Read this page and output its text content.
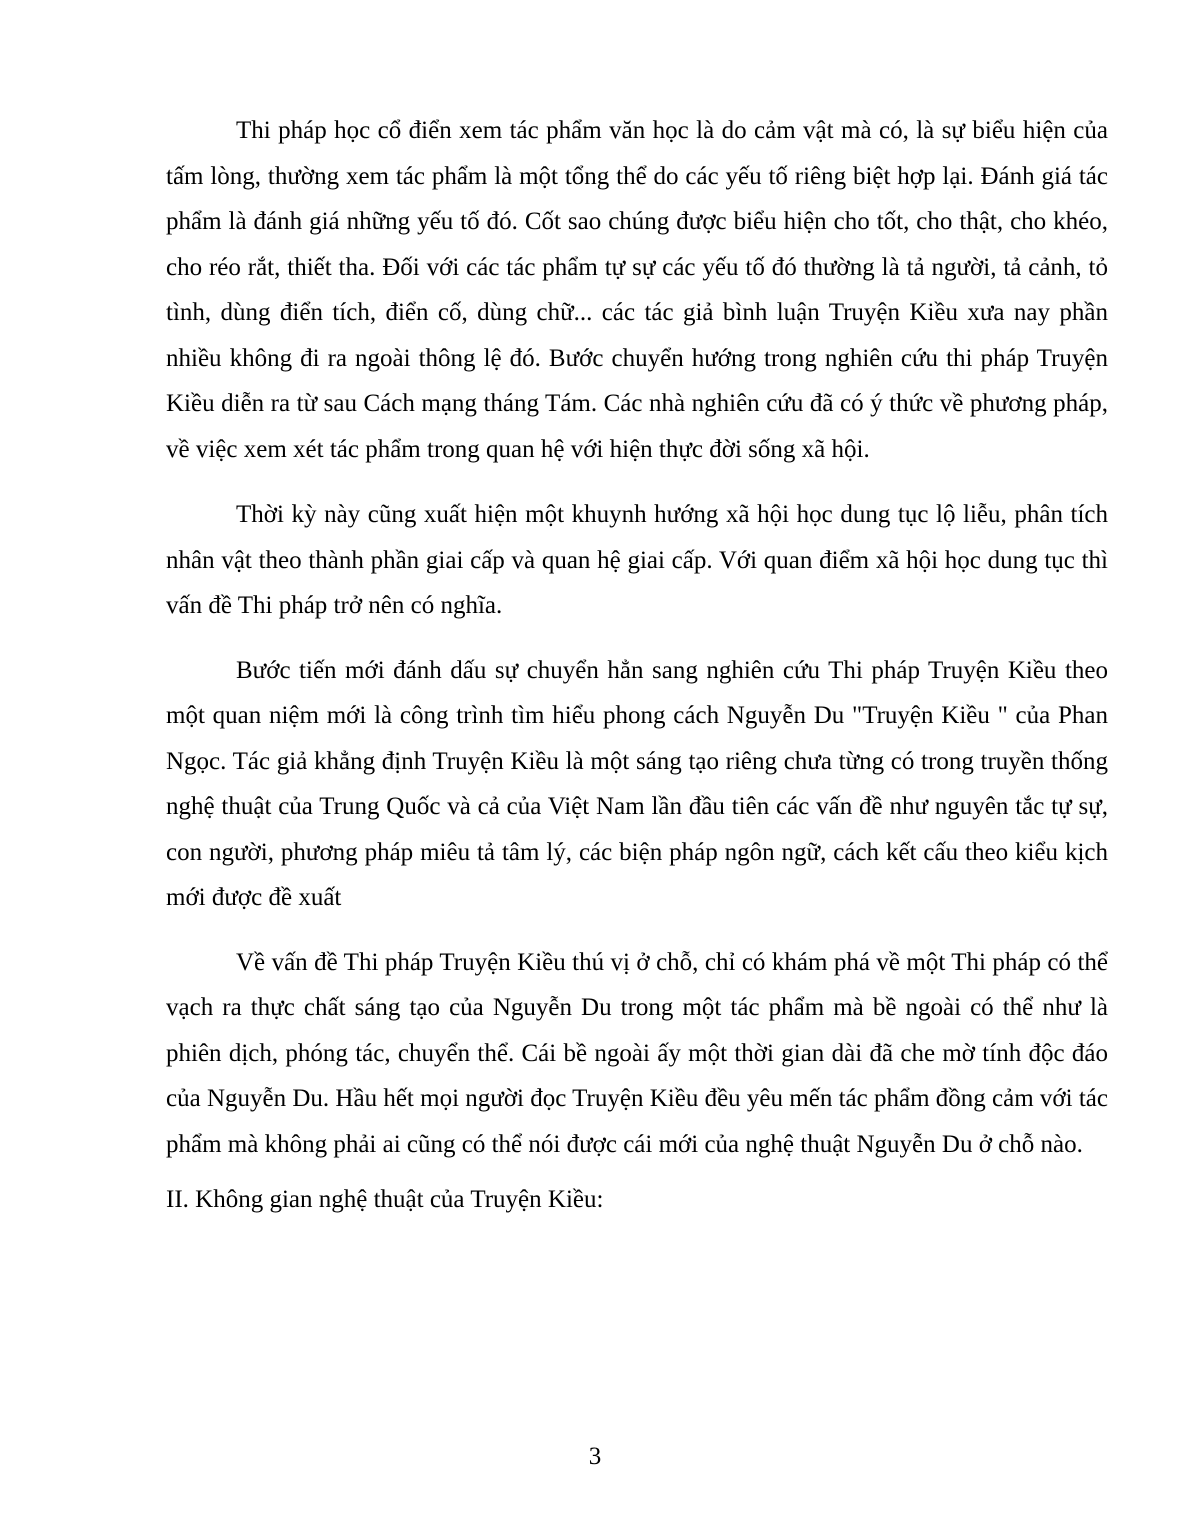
Thi pháp học cổ điển xem tác phẩm văn học là do cảm vật mà có, là sự biểu hiện của tấm lòng, thường xem tác phẩm là một tổng thể do các yếu tố riêng biệt hợp lại. Đánh giá tác phẩm là đánh giá những yếu tố đó. Cốt sao chúng được biểu hiện cho tốt, cho thật, cho khéo, cho réo rắt, thiết tha. Đối với các tác phẩm tự sự các yếu tố đó thường là tả người, tả cảnh, tỏ tình, dùng điển tích, điển cố, dùng chữ... các tác giả bình luận Truyện Kiều xưa nay phần nhiều không đi ra ngoài thông lệ đó. Bước chuyển hướng trong nghiên cứu thi pháp Truyện Kiều diễn ra từ sau Cách mạng tháng Tám. Các nhà nghiên cứu đã có ý thức về phương pháp, về việc xem xét tác phẩm trong quan hệ với hiện thực đời sống xã hội.

Thời kỳ này cũng xuất hiện một khuynh hướng xã hội học dung tục lộ liễu, phân tích nhân vật theo thành phần giai cấp và quan hệ giai cấp. Với quan điểm xã hội học dung tục thì vấn đề Thi pháp trở nên có nghĩa.

Bước tiến mới đánh dấu sự chuyển hẳn sang nghiên cứu Thi pháp Truyện Kiều theo một quan niệm mới là công trình tìm hiểu phong cách Nguyễn Du "Truyện Kiều " của Phan Ngọc. Tác giả khẳng định Truyện Kiều là một sáng tạo riêng chưa từng có trong truyền thống nghệ thuật của Trung Quốc và cả của Việt Nam lần đầu tiên các vấn đề như nguyên tắc tự sự, con người, phương pháp miêu tả tâm lý, các biện pháp ngôn ngữ, cách kết cấu theo kiểu kịch mới được đề xuất

Về vấn đề Thi pháp Truyện Kiều thú vị ở chỗ, chỉ có khám phá về một Thi pháp có thể vạch ra thực chất sáng tạo của Nguyễn Du trong một tác phẩm mà bề ngoài có thể như là phiên dịch, phóng tác, chuyển thể. Cái bề ngoài ấy một thời gian dài đã che mờ tính độc đáo của Nguyễn Du. Hầu hết mọi người đọc Truyện Kiều đều yêu mến tác phẩm đồng cảm với tác phẩm mà không phải ai cũng có thể nói được cái mới của nghệ thuật Nguyễn Du ở chỗ nào.

II. Không gian nghệ thuật của Truyện Kiều:

3
